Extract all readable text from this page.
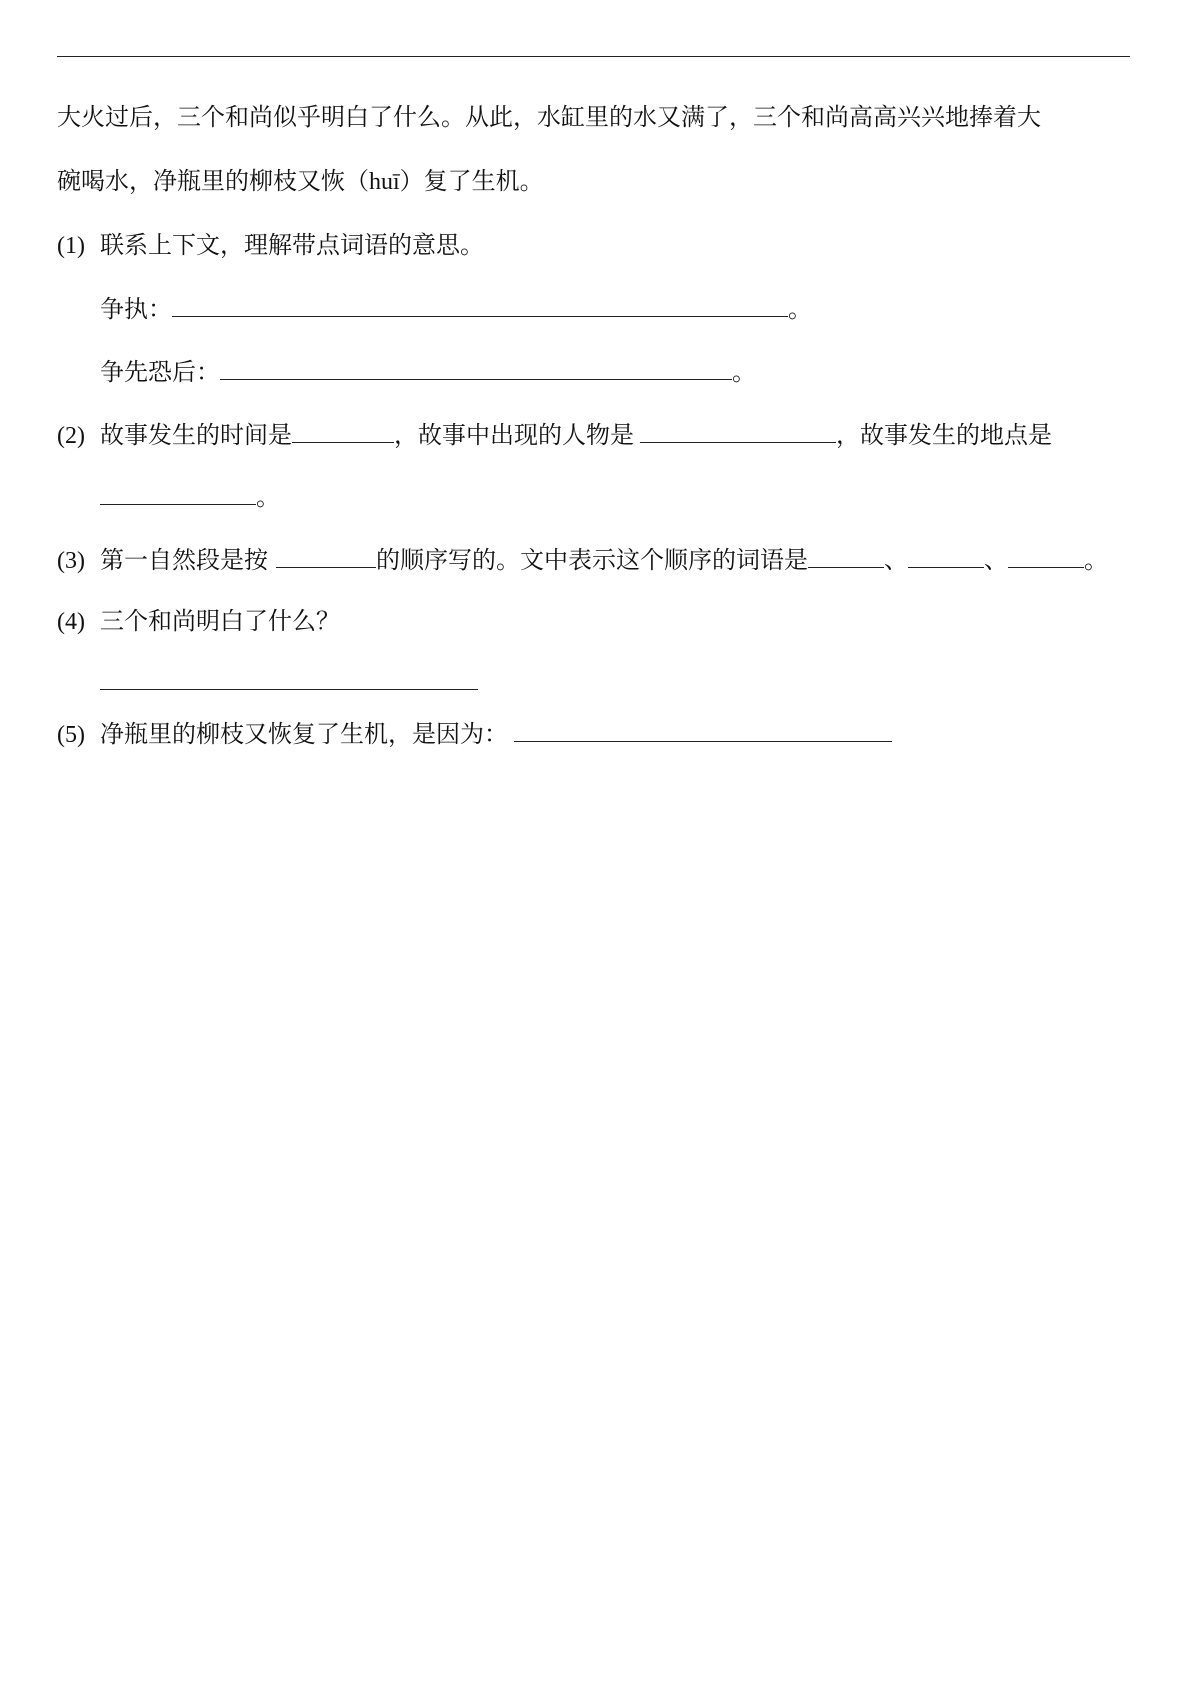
大火过后，三个和尚似乎明白了什么。从此，水缸里的水又满了，三个和尚高高兴兴地捧着大
碗喝水，净瓶里的柳枝又恢（huī）复了生机。
(1) 联系上下文，理解带点词语的意思。
争执：	。
争先恐后：	。
(2) 故事发生的时间是	，故事中出现的人物是	，故事发生的地点是
。
(3) 第一自然段是按	的顺序写的。文中表示这个顺序的词语是	、	、	。
(4) 三个和尚明白了什么？
(5) 净瓶里的柳枝又恢复了生机，是因为：
